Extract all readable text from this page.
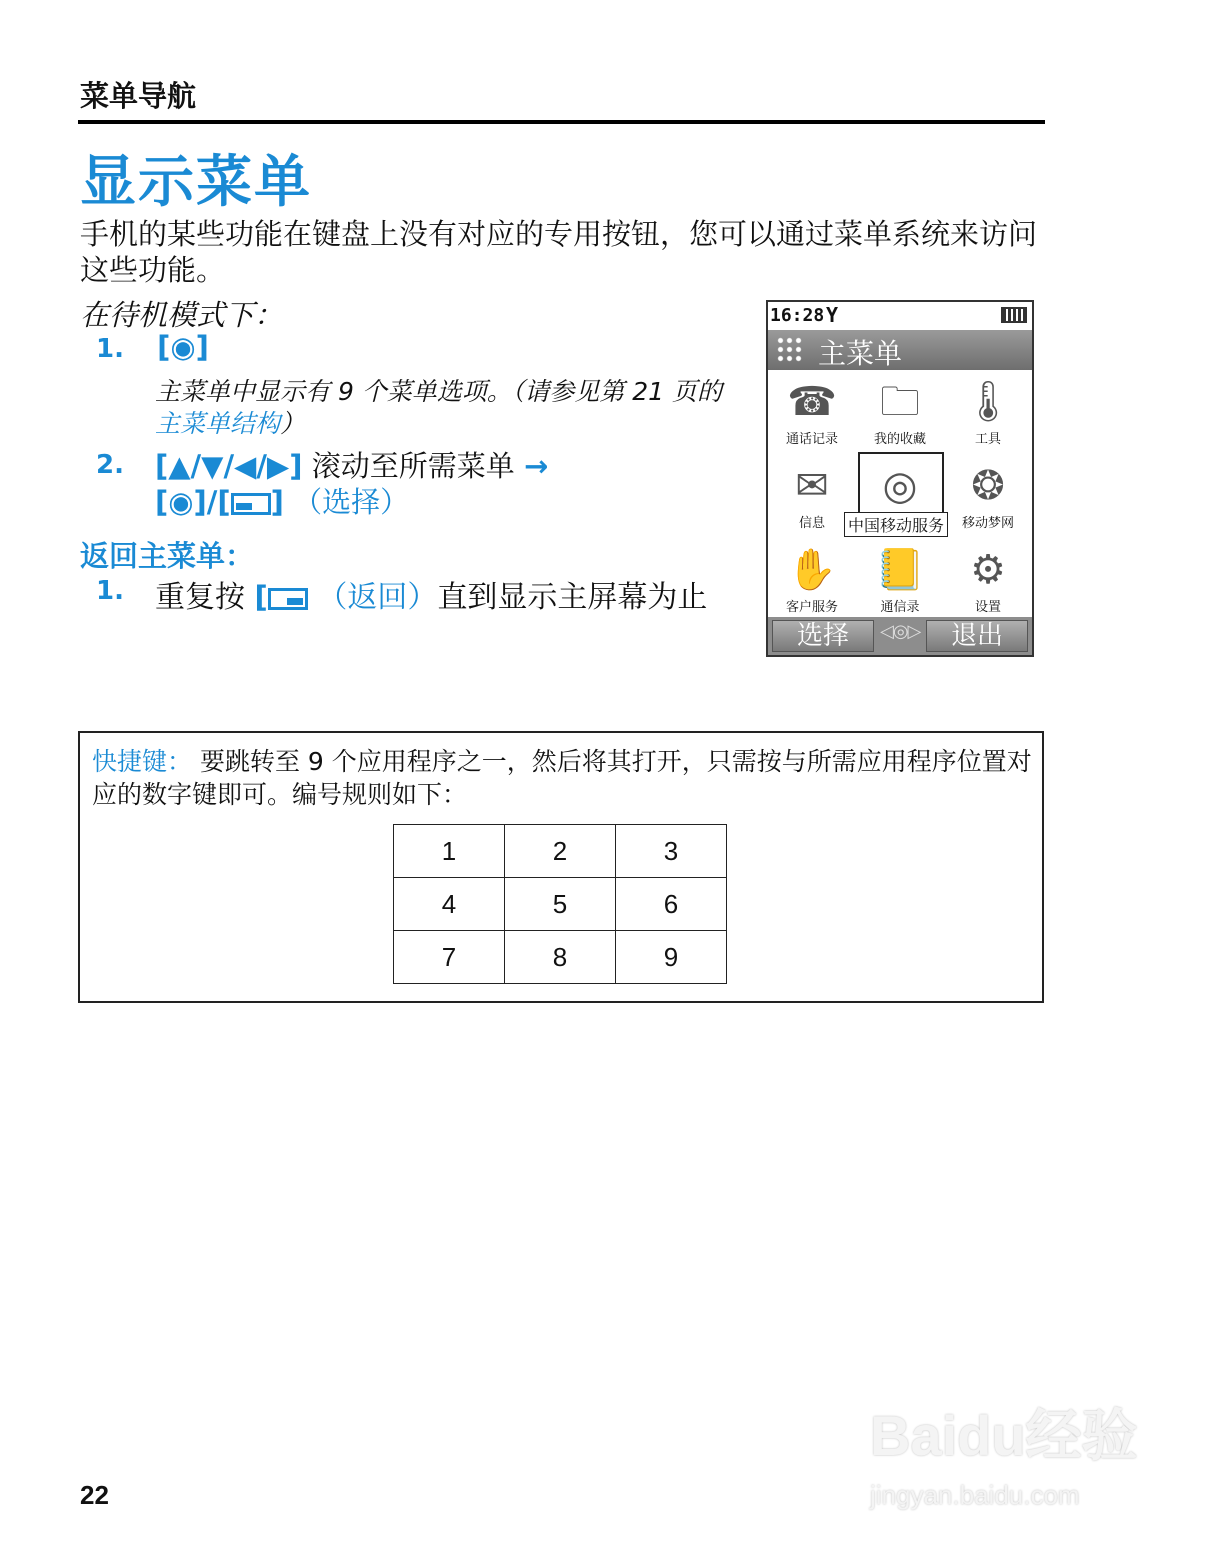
菜单导航
显示菜单
手机的某些功能在键盘上没有对应的专用按钮，您可以通过菜单系统来访问这些功能。
在待机模式下：
1. [◉]
主菜单中显示有 9 个菜单选项。（请参见第 21 页的主菜单结构）
2. [▲/▼/◀/▶] 滚动至所需菜单 →
[◉]/[ ] （选择）
返回主菜单：
1. 重复按 [ （返回）直到显示主屏幕为止
16:28 Y
主菜单
☎
通话记录
🗀
我的收藏
🌡
工具
✉
信息
◎ ❂
移动梦网
✋
客户服务
📒
通信录
⚙
设置
中国移动服务
选择	◁◎▷	退出
快捷键： 要跳转至 9 个应用程序之一，然后将其打开，只需按与所需应用程序位置对应的数字键即可。编号规则如下：
1	2	3
4	5	6
7	8	9
22
Baidu经验
jingyan.baidu.com
